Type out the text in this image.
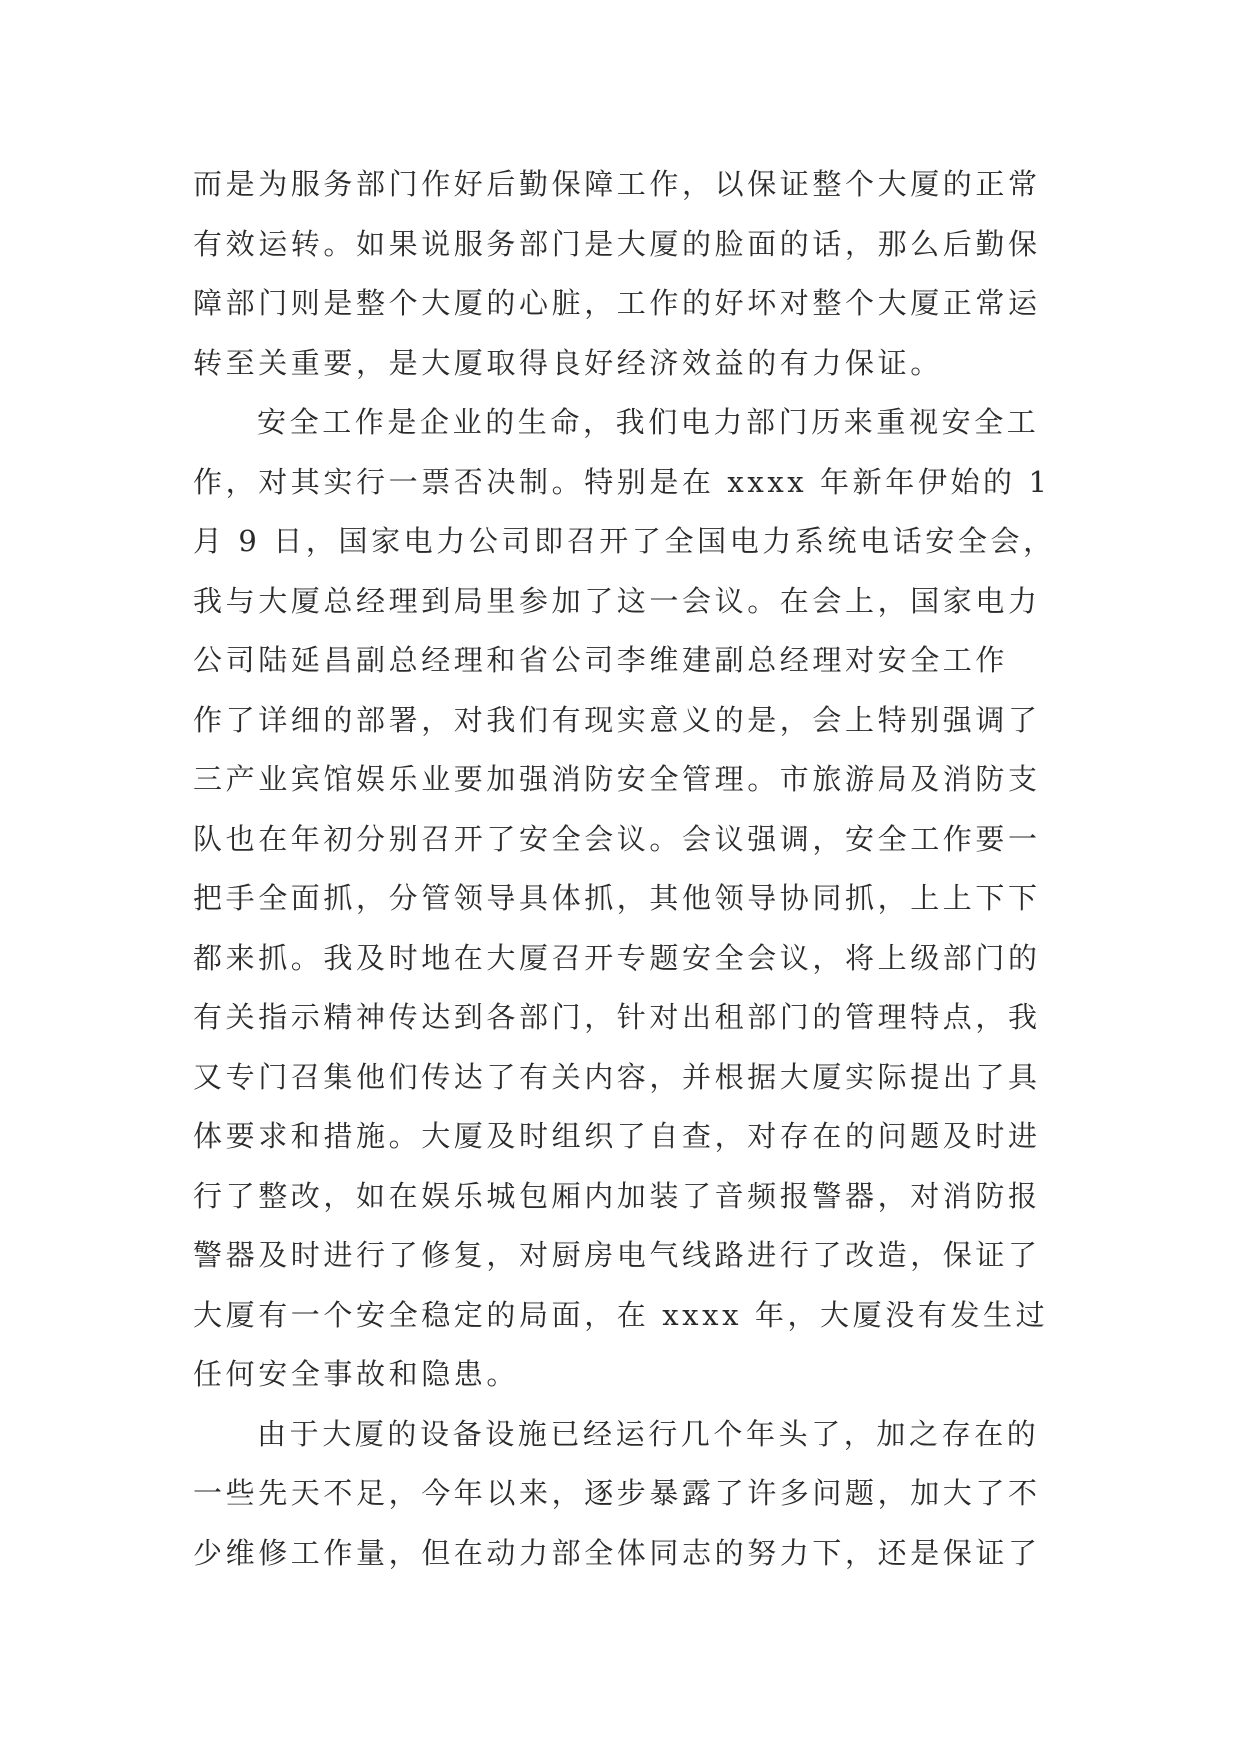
而是为服务部门作好后勤保障工作，以保证整个大厦的正常
有效运转。如果说服务部门是大厦的脸面的话，那么后勤保
障部门则是整个大厦的心脏，工作的好坏对整个大厦正常运
转至关重要，是大厦取得良好经济效益的有力保证。
安全工作是企业的生命，我们电力部门历来重视安全工
作，对其实行一票否决制。特别是在 xxxx 年新年伊始的 1
月 9 日，国家电力公司即召开了全国电力系统电话安全会，
我与大厦总经理到局里参加了这一会议。在会上，国家电力
公司陆延昌副总经理和省公司李维建副总经理对安全工作
作了详细的部署，对我们有现实意义的是，会上特别强调了
三产业宾馆娱乐业要加强消防安全管理。市旅游局及消防支
队也在年初分别召开了安全会议。会议强调，安全工作要一
把手全面抓，分管领导具体抓，其他领导协同抓，上上下下
都来抓。我及时地在大厦召开专题安全会议，将上级部门的
有关指示精神传达到各部门，针对出租部门的管理特点，我
又专门召集他们传达了有关内容，并根据大厦实际提出了具
体要求和措施。大厦及时组织了自查，对存在的问题及时进
行了整改，如在娱乐城包厢内加装了音频报警器，对消防报
警器及时进行了修复，对厨房电气线路进行了改造，保证了
大厦有一个安全稳定的局面，在 xxxx 年，大厦没有发生过
任何安全事故和隐患。
由于大厦的设备设施已经运行几个年头了，加之存在的
一些先天不足，今年以来，逐步暴露了许多问题，加大了不
少维修工作量，但在动力部全体同志的努力下，还是保证了
